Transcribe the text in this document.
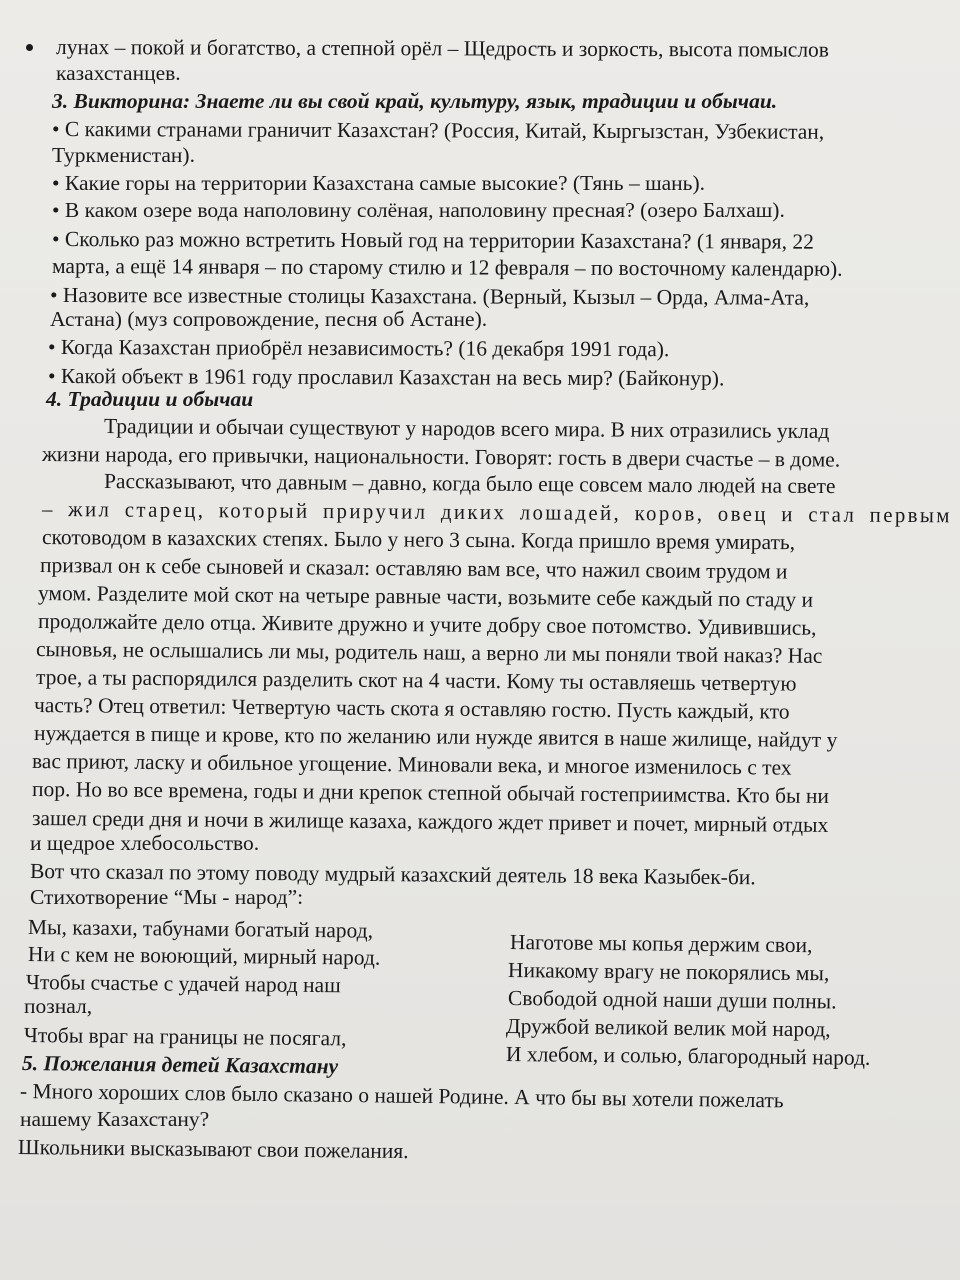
лунах – покой и богатство, а степной орёл – Щедрость и зоркость, высота помыслов
казахстанцев.
3. Викторина: Знаете ли вы свой край, культуру, язык, традиции и обычаи.
• С какими странами граничит Казахстан? (Россия, Китай, Кыргызстан, Узбекистан,
Туркменистан).
• Какие горы на территории Казахстана самые высокие? (Тянь – шань).
• В каком озере вода наполовину солёная, наполовину пресная? (озеро Балхаш).
• Сколько раз можно встретить Новый год на территории Казахстана? (1 января, 22
марта, а ещё 14 января – по старому стилю и 12 февраля – по восточному календарю).
• Назовите все известные столицы Казахстана. (Верный, Кызыл – Орда, Алма-Ата,
Астана) (муз сопровождение, песня об Астане).
• Когда Казахстан приобрёл независимость? (16 декабря 1991 года).
• Какой объект в 1961 году прославил Казахстан на весь мир? (Байконур).
4. Традиции и обычаи
Традиции и обычаи существуют у народов всего мира. В них отразились уклад
жизни народа, его привычки, национальности. Говорят: гость в двери счастье – в доме.
Рассказывают, что давным – давно, когда было еще совсем мало людей на свете
– жил старец, который приручил диких лошадей, коров, овец и стал первым
скотоводом в казахских степях. Было у него 3 сына. Когда пришло время умирать,
призвал он к себе сыновей и сказал: оставляю вам все, что нажил своим трудом и
умом. Разделите мой скот на четыре равные части, возьмите себе каждый по стаду и
продолжайте дело отца. Живите дружно и учите добру свое потомство. Удивившись,
сыновья, не ослышались ли мы, родитель наш, а верно ли мы поняли твой наказ? Нас
трое, а ты распорядился разделить скот на 4 части. Кому ты оставляешь четвертую
часть? Отец ответил: Четвертую часть скота я оставляю гостю. Пусть каждый, кто
нуждается в пище и крове, кто по желанию или нужде явится в наше жилище, найдут у
вас приют, ласку и обильное угощение. Миновали века, и многое изменилось с тех
пор. Но во все времена, годы и дни крепок степной обычай гостеприимства. Кто бы ни
зашел среди дня и ночи в жилище казаха, каждого ждет привет и почет, мирный отдых
и щедрое хлебосольство.
Вот что сказал по этому поводу мудрый казахский деятель 18 века Казыбек-би.
Стихотворение “Мы - народ”:
Мы, казахи, табунами богатый народ,
Ни с кем не воюющий, мирный народ.
Чтобы счастье с удачей народ наш
познал,
Чтобы враг на границы не посягал,
Наготове мы копья держим свои,
Никакому врагу не покорялись мы,
Свободой одной наши души полны.
Дружбой великой велик мой народ,
И хлебом, и солью, благородный народ.
5. Пожелания детей Казахстану
- Много хороших слов было сказано о нашей Родине. А что бы вы хотели пожелать
нашему Казахстану?
Школьники высказывают свои пожелания.
